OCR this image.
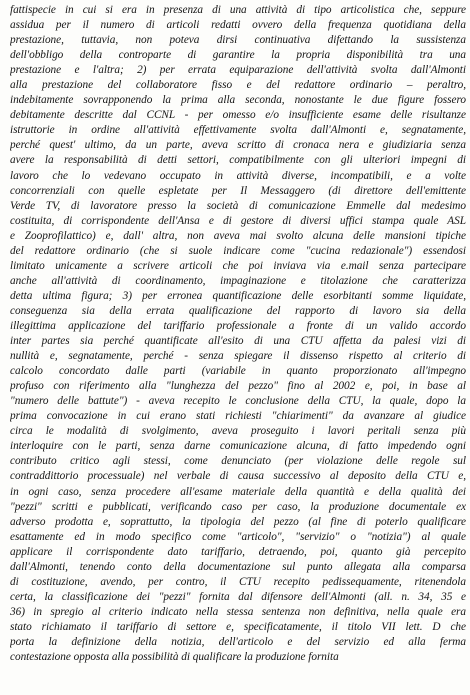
fattispecie in cui si era in presenza di una attività di tipo articolistica che, seppure
assidua per il numero di articoli redatti ovvero della frequenza quotidiana della
prestazione, tuttavia, non poteva dirsi continuativa difettando la sussistenza
dell'obbligo della controparte di garantire la propria disponibilità tra una
prestazione e l'altra; 2) per errata equiparazione dell'attività svolta dall'Almonti
alla prestazione del collaboratore fisso e del redattore ordinario – peraltro,
indebitamente sovrapponendo la prima alla seconda, nonostante le due figure fossero
debitamente descritte dal CCNL - per omesso e/o insufficiente esame delle risultanze
istruttorie in ordine all'attività effettivamente svolta dall'Almonti e, segnatamente,
perché quest' ultimo, da un parte, aveva scritto di cronaca nera e giudiziaria senza
avere la responsabilità di detti settori, compatibilmente con gli ulteriori impegni di
lavoro che lo vedevano occupato in attività diverse, incompatibili, e a volte
concorrenziali con quelle espletate per Il Messaggero (di direttore dell'emittente
Verde TV, di lavoratore presso la società di comunicazione Emmelle dal medesimo
costituita, di corrispondente dell'Ansa e di gestore di diversi uffici stampa quale ASL
e Zooprofilattico) e, dall' altra, non aveva mai svolto alcuna delle mansioni tipiche
del redattore ordinario (che si suole indicare come "cucina redazionale") essendosi
limitato unicamente a scrivere articoli che poi inviava via e.mail senza partecipare
anche all'attività di coordinamento, impaginazione e titolazione che caratterizza
detta ultima figura; 3) per erronea quantificazione delle esorbitanti somme liquidate,
conseguenza sia della errata qualificazione del rapporto di lavoro sia della
illegittima applicazione del tariffario professionale a fronte di un valido accordo
inter partes sia perché quantificate all'esito di una CTU affetta da palesi vizi di
nullità e, segnatamente, perché - senza spiegare il dissenso rispetto al criterio di
calcolo concordato dalle parti (variabile in quanto proporzionato all'impegno
profuso con riferimento alla "lunghezza del pezzo" fino al 2002 e, poi, in base al
"numero delle battute") - aveva recepito le conclusione della CTU, la quale, dopo la
prima convocazione in cui erano stati richiesti "chiarimenti" da avanzare al giudice
circa le modalità di svolgimento, aveva proseguito i lavori peritali senza più
interloquire con le parti, senza darne comunicazione alcuna, di fatto impedendo ogni
contributo critico agli stessi, come denunciato (per violazione delle regole sul
contraddittorio processuale) nel verbale di causa successivo al deposito della CTU e,
in ogni caso, senza procedere all'esame materiale della quantità e della qualità dei
"pezzi" scritti e pubblicati, verificando caso per caso, la produzione documentale ex
adverso prodotta e, soprattutto, la tipologia del pezzo (al fine di poterlo qualificare
esattamente ed in modo specifico come "articolo", "servizio" o "notizia") al quale
applicare il corrispondente dato tariffario, detraendo, poi, quanto già percepito
dall'Almonti, tenendo conto della documentazione sul punto allegata alla comparsa
di costituzione, avendo, per contro, il CTU recepito pedissequamente, ritenendola
certa, la classificazione dei "pezzi" fornita dal difensore dell'Almonti (all. n. 34, 35 e
36) in spregio al criterio indicato nella stessa sentenza non definitiva, nella quale era
stato richiamato il tariffario di settore e, specificatamente, il titolo VII lett. D che
porta la definizione della notizia, dell'articolo e del servizio ed alla ferma
contestazione opposta alla possibilità di qualificare la produzione fornita
